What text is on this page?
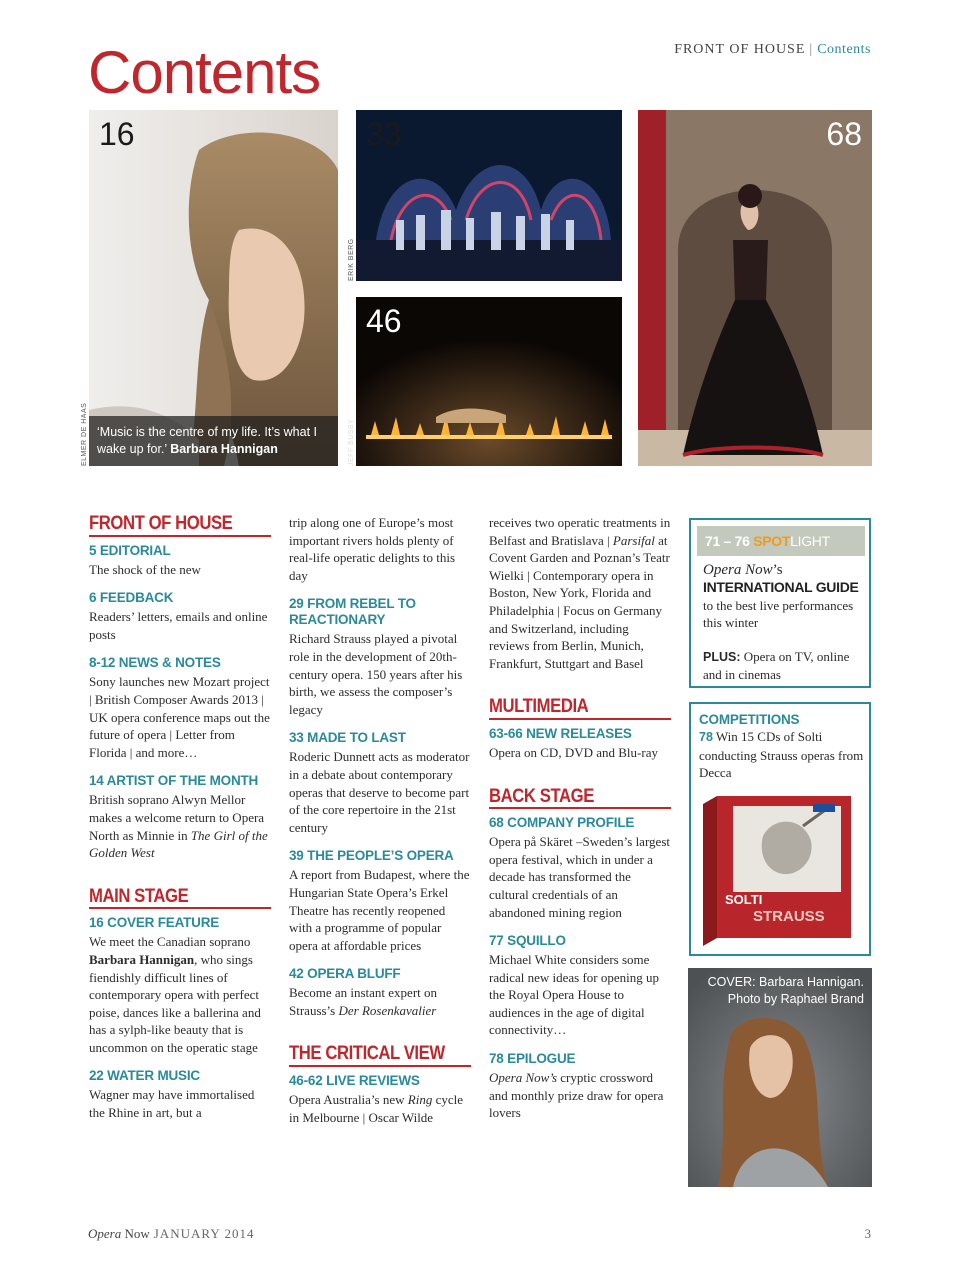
Contents	FRONT OF HOUSE | Contents
16
‘Music is the centre of my life. It’s what I wake up for.’ Barbara Hannigan
ELMER DE HAAS
33
ERIK BERG
46
JEFF BUSBY
68
FRONT OF HOUSE
5 EDITORIAL
The shock of the new
6 FEEDBACK
Readers’ letters, emails and online posts
8-12 NEWS & NOTES
Sony launches new Mozart project | British Composer Awards 2013 | UK opera conference maps out the future of opera | Letter from Florida | and more…
14 ARTIST OF THE MONTH
British soprano Alwyn Mellor makes a welcome return to Opera North as Minnie in The Girl of the Golden West
MAIN STAGE
16 COVER FEATURE
We meet the Canadian soprano Barbara Hannigan, who sings fiendishly difficult lines of contemporary opera with perfect poise, dances like a ballerina and has a sylph-like beauty that is uncommon on the operatic stage
22 WATER MUSIC
Wagner may have immortalised the Rhine in art, but a
trip along one of Europe’s most important rivers holds plenty of real-life operatic delights to this day
29 FROM REBEL TO REACTIONARY
Richard Strauss played a pivotal role in the development of 20th-century opera. 150 years after his birth, we assess the composer’s legacy
33 MADE TO LAST
Roderic Dunnett acts as moderator in a debate about contemporary operas that deserve to become part of the core repertoire in the 21st century
39 THE PEOPLE’S OPERA
A report from Budapest, where the Hungarian State Opera’s Erkel Theatre has recently reopened with a programme of popular opera at affordable prices
42 OPERA BLUFF
Become an instant expert on Strauss’s Der Rosenkavalier
THE CRITICAL VIEW
46-62 LIVE REVIEWS
Opera Australia’s new Ring cycle in Melbourne | Oscar Wilde
receives two operatic treatments in Belfast and Bratislava | Parsifal at Covent Garden and Poznan’s Teatr Wielki | Contemporary opera in Boston, New York, Florida and Philadelphia | Focus on Germany and Switzerland, including reviews from Berlin, Munich, Frankfurt, Stuttgart and Basel
MULTIMEDIA
63-66 NEW RELEASES
Opera on CD, DVD and Blu-ray
BACK STAGE
68 COMPANY PROFILE
Opera på Skäret –Sweden’s largest opera festival, which in under a decade has transformed the cultural credentials of an abandoned mining region
77 SQUILLO
Michael White considers some radical new ideas for opening up the Royal Opera House to audiences in the age of digital connectivity…
78 EPILOGUE
Opera Now’s cryptic crossword and monthly prize draw for opera lovers
71 – 76 SPOTLIGHT
Opera Now’s
INTERNATIONAL GUIDE
to the best live performances this winter
PLUS: Opera on TV, online and in cinemas
COMPETITIONS
78 Win 15 CDs of Solti conducting Strauss operas from Decca
SOLTI
STRAUSS
COVER: Barbara Hannigan.
Photo by Raphael Brand
Opera Now JANUARY 2014	3
